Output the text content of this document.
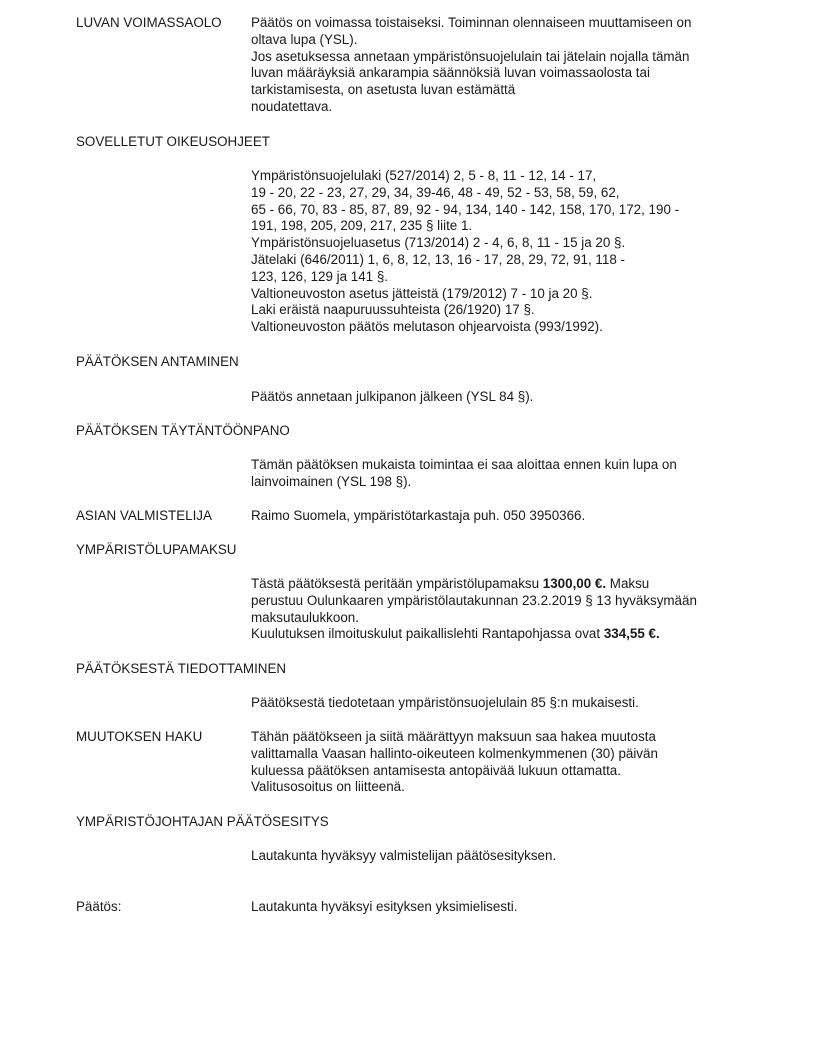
LUVAN VOIMASSAOLO Päätös on voimassa toistaiseksi. Toiminnan olennaiseen muuttamiseen on
oltava lupa (YSL).
Jos asetuksessa annetaan ympäristönsuojelulain tai jätelain nojalla tämän
luvan määräyksiä ankarampia säännöksiä luvan voimassaolosta tai
tarkistamisesta, on asetusta luvan estämättä
noudatettava.
SOVELLETUT OIKEUSOHJEET
Ympäristönsuojelulaki (527/2014) 2, 5 - 8, 11 - 12, 14 - 17,
19 - 20, 22 - 23, 27, 29, 34, 39-46, 48 - 49, 52 - 53, 58, 59, 62,
65 - 66, 70, 83 - 85, 87, 89, 92 - 94, 134, 140 - 142, 158, 170, 172, 190 -
191, 198, 205, 209, 217, 235 § liite 1.
Ympäristönsuojeluasetus (713/2014) 2 - 4, 6, 8, 11 - 15 ja 20 §.
Jätelaki (646/2011) 1, 6, 8, 12, 13, 16 - 17, 28, 29, 72, 91, 118 -
123, 126, 129 ja 141 §.
Valtioneuvoston asetus jätteistä (179/2012) 7 - 10 ja 20 §.
Laki eräistä naapuruussuhteista (26/1920) 17 §.
Valtioneuvoston päätös melutason ohjearvoista (993/1992).
PÄÄTÖKSEN ANTAMINEN
Päätös annetaan julkipanon jälkeen (YSL 84 §).
PÄÄTÖKSEN TÄYTÄNTÖÖNPANO
Tämän päätöksen mukaista toimintaa ei saa aloittaa ennen kuin lupa on
lainvoimainen (YSL 198 §).
ASIAN VALMISTELIJA	Raimo Suomela, ympäristötarkastaja puh. 050 3950366.
YMPÄRISTÖLUPAMAKSU
Tästä päätöksestä peritään ympäristölupamaksu 1300,00 €. Maksu
perustuu Oulunkaaren ympäristölautakunnan 23.2.2019 § 13 hyväksymään
maksutaulukkoon.
Kuulutuksen ilmoituskulut paikallislehti Rantapohjassa ovat 334,55 €.
PÄÄTÖKSESTÄ TIEDOTTAMINEN
Päätöksestä tiedotetaan ympäristönsuojelulain 85 §:n mukaisesti.
MUUTOKSEN HAKU	Tähän päätökseen ja siitä määrättyyn maksuun saa hakea muutosta
valittamalla Vaasan hallinto-oikeuteen kolmenkymmenen (30) päivän
kuluessa päätöksen antamisesta antopäivää lukuun ottamatta.
Valitusosoitus on liitteenä.
YMPÄRISTÖJOHTAJAN PÄÄTÖSESITYS
Lautakunta hyväksyy valmistelijan päätösesityksen.
Päätös:	Lautakunta hyväksyi esityksen yksimielisesti.
